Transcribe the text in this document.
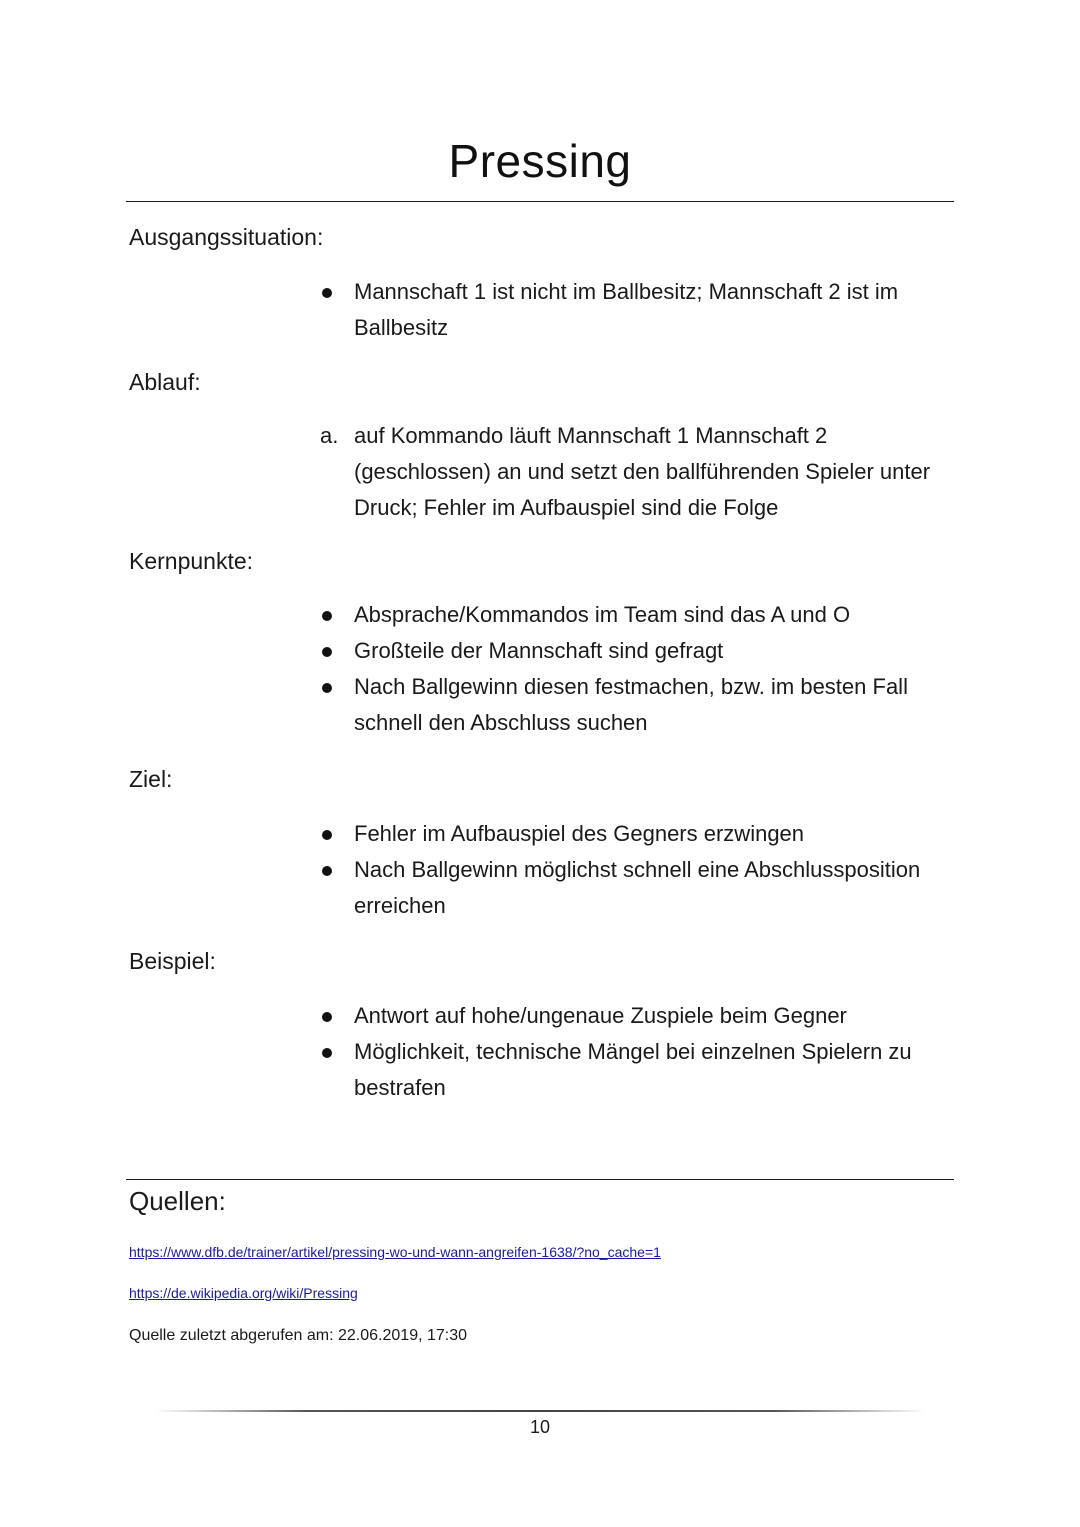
Pressing
Ausgangssituation:
Mannschaft 1 ist nicht im Ballbesitz; Mannschaft 2 ist im Ballbesitz
Ablauf:
a. auf Kommando läuft Mannschaft 1 Mannschaft 2 (geschlossen) an und setzt den ballführenden Spieler unter Druck; Fehler im Aufbauspiel sind die Folge
Kernpunkte:
Absprache/Kommandos im Team sind das A und O
Großteile der Mannschaft sind gefragt
Nach Ballgewinn diesen festmachen, bzw. im besten Fall schnell den Abschluss suchen
Ziel:
Fehler im Aufbauspiel des Gegners erzwingen
Nach Ballgewinn möglichst schnell eine Abschlussposition erreichen
Beispiel:
Antwort auf hohe/ungenaue Zuspiele beim Gegner
Möglichkeit, technische Mängel bei einzelnen Spielern zu bestrafen
Quellen:
https://www.dfb.de/trainer/artikel/pressing-wo-und-wann-angreifen-1638/?no_cache=1
https://de.wikipedia.org/wiki/Pressing
Quelle zuletzt abgerufen am: 22.06.2019, 17:30
10
